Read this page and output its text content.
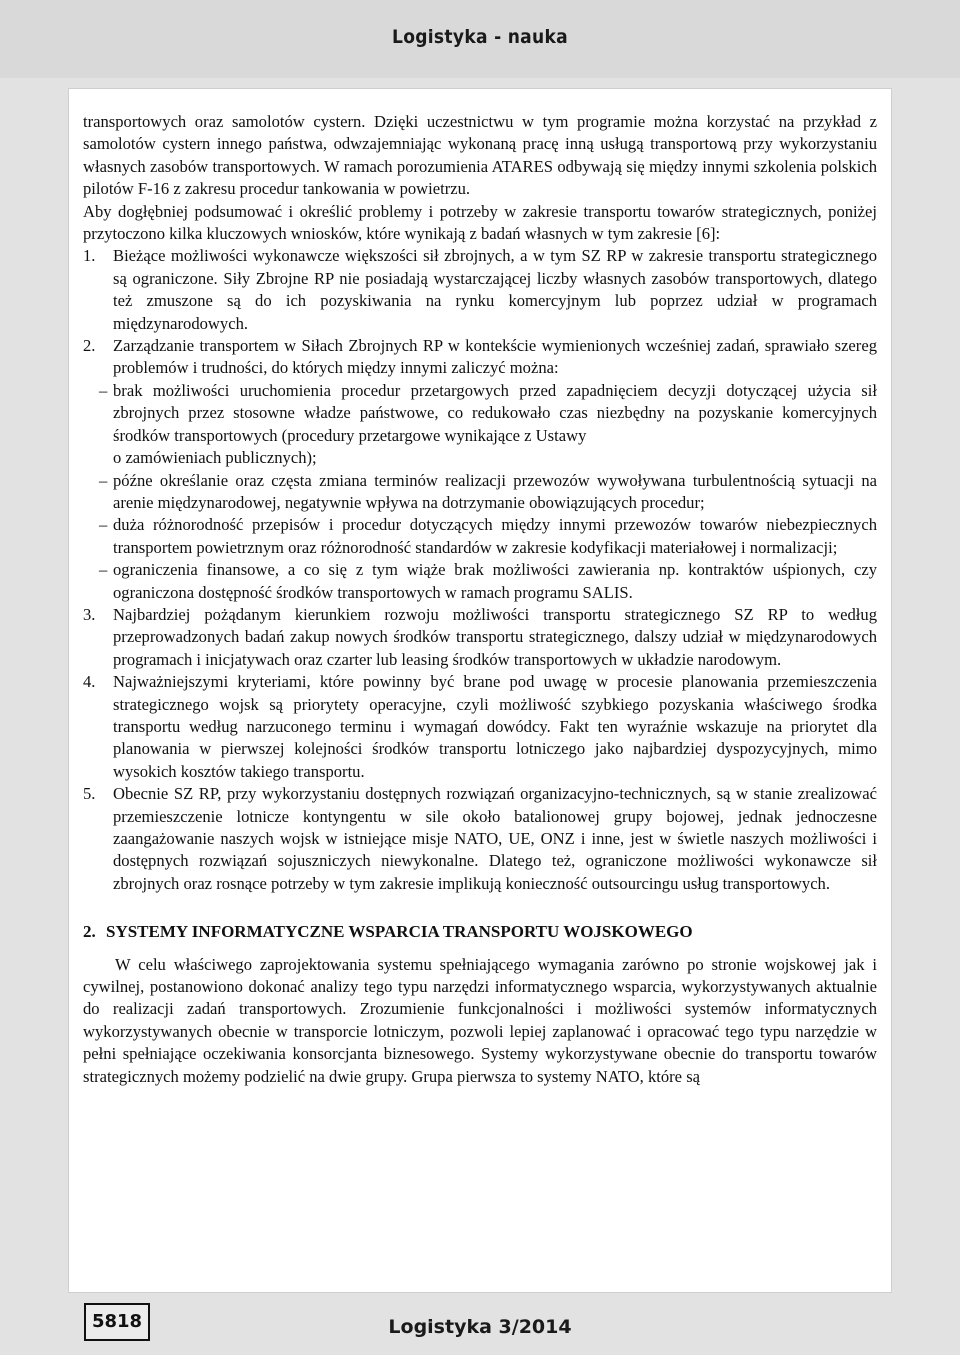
Logistyka - nauka

transportowych oraz samolotów cystern. Dzięki uczestnictwu w tym programie można korzystać na przykład z samolotów cystern innego państwa, odwzajemniając wykonaną pracę inną usługą transportową przy wykorzystaniu własnych zasobów transportowych. W ramach porozumienia ATARES odbywają się między innymi szkolenia polskich pilotów F-16 z zakresu procedur tankowania w powietrzu.

Aby dogłębniej podsumować i określić problemy i potrzeby w zakresie transportu towarów strategicznych, poniżej przytoczono kilka kluczowych wniosków, które wynikają z badań własnych w tym zakresie [6]:

1. Bieżące możliwości wykonawcze większości sił zbrojnych, a w tym SZ RP w zakresie transportu strategicznego są ograniczone. Siły Zbrojne RP nie posiadają wystarczającej liczby własnych zasobów transportowych, dlatego też zmuszone są do ich pozyskiwania na rynku komercyjnym lub poprzez udział w programach międzynarodowych.
2. Zarządzanie transportem w Siłach Zbrojnych RP w kontekście wymienionych wcześniej zadań, sprawiało szereg problemów i trudności, do których między innymi zaliczyć można:
– brak możliwości uruchomienia procedur przetargowych przed zapadnięciem decyzji dotyczącej użycia sił zbrojnych przez stosowne władze państwowe, co redukowało czas niezbędny na pozyskanie komercyjnych środków transportowych (procedury przetargowe wynikające z Ustawy
o zamówieniach publicznych);
– późne określanie oraz częsta zmiana terminów realizacji przewozów wywoływana turbulentnością sytuacji na arenie międzynarodowej, negatywnie wpływa na dotrzymanie obowiązujących procedur;
– duża różnorodność przepisów i procedur dotyczących między innymi przewozów towarów niebezpiecznych transportem powietrznym oraz różnorodność standardów w zakresie kodyfikacji materiałowej i normalizacji;
– ograniczenia finansowe, a co się z tym wiąże brak możliwości zawierania np. kontraktów uśpionych, czy ograniczona dostępność środków transportowych w ramach programu SALIS.
3. Najbardziej pożądanym kierunkiem rozwoju możliwości transportu strategicznego SZ RP to według przeprowadzonych badań zakup nowych środków transportu strategicznego, dalszy udział w międzynarodowych programach i inicjatywach oraz czarter lub leasing środków transportowych w układzie narodowym.
4. Najważniejszymi kryteriami, które powinny być brane pod uwagę w procesie planowania przemieszczenia strategicznego wojsk są priorytety operacyjne, czyli możliwość szybkiego pozyskania właściwego środka transportu według narzuconego terminu i wymagań dowódcy. Fakt ten wyraźnie wskazuje na priorytet dla planowania w pierwszej kolejności środków transportu lotniczego jako najbardziej dyspozycyjnych, mimo wysokich kosztów takiego transportu.
5. Obecnie SZ RP, przy wykorzystaniu dostępnych rozwiązań organizacyjno-technicznych, są w stanie zrealizować przemieszczenie lotnicze kontyngentu w sile około batalionowej grupy bojowej, jednak jednoczesne zaangażowanie naszych wojsk w istniejące misje NATO, UE, ONZ i inne, jest w świetle naszych możliwości i dostępnych rozwiązań sojuszniczych niewykonalne. Dlatego też, ograniczone możliwości wykonawcze sił zbrojnych oraz rosnące potrzeby w tym zakresie implikują konieczność outsourcingu usług transportowych.
2. SYSTEMY INFORMATYCZNE WSPARCIA TRANSPORTU WOJSKOWEGO

W celu właściwego zaprojektowania systemu spełniającego wymagania zarówno po stronie wojskowej jak i cywilnej, postanowiono dokonać analizy tego typu narzędzi informatycznego wsparcia, wykorzystywanych aktualnie do realizacji zadań transportowych. Zrozumienie funkcjonalności i możliwości systemów informatycznych wykorzystywanych obecnie w transporcie lotniczym, pozwoli lepiej zaplanować i opracować tego typu narzędzie w pełni spełniające oczekiwania konsorcjanta biznesowego. Systemy wykorzystywane obecnie do transportu towarów strategicznych możemy podzielić na dwie grupy. Grupa pierwsza to systemy NATO, które są

5818	Logistyka 3/2014
